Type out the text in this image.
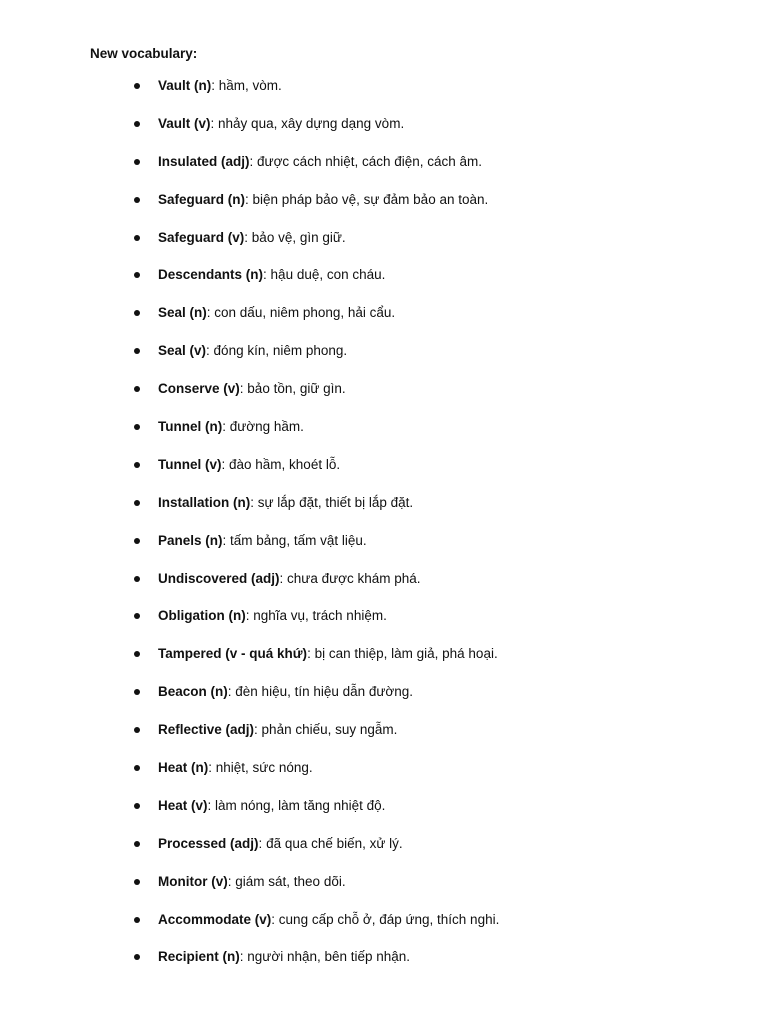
New vocabulary:
Vault (n): hầm, vòm.
Vault (v): nhảy qua, xây dựng dạng vòm.
Insulated (adj): được cách nhiệt, cách điện, cách âm.
Safeguard (n): biện pháp bảo vệ, sự đảm bảo an toàn.
Safeguard (v): bảo vệ, gìn giữ.
Descendants (n): hậu duệ, con cháu.
Seal (n): con dấu, niêm phong, hải cẩu.
Seal (v): đóng kín, niêm phong.
Conserve (v): bảo tồn, giữ gìn.
Tunnel (n): đường hầm.
Tunnel (v): đào hầm, khoét lỗ.
Installation (n): sự lắp đặt, thiết bị lắp đặt.
Panels (n): tấm bảng, tấm vật liệu.
Undiscovered (adj): chưa được khám phá.
Obligation (n): nghĩa vụ, trách nhiệm.
Tampered (v - quá khứ): bị can thiệp, làm giả, phá hoại.
Beacon (n): đèn hiệu, tín hiệu dẫn đường.
Reflective (adj): phản chiếu, suy ngẫm.
Heat (n): nhiệt, sức nóng.
Heat (v): làm nóng, làm tăng nhiệt độ.
Processed (adj): đã qua chế biến, xử lý.
Monitor (v): giám sát, theo dõi.
Accommodate (v): cung cấp chỗ ở, đáp ứng, thích nghi.
Recipient (n): người nhận, bên tiếp nhận.
